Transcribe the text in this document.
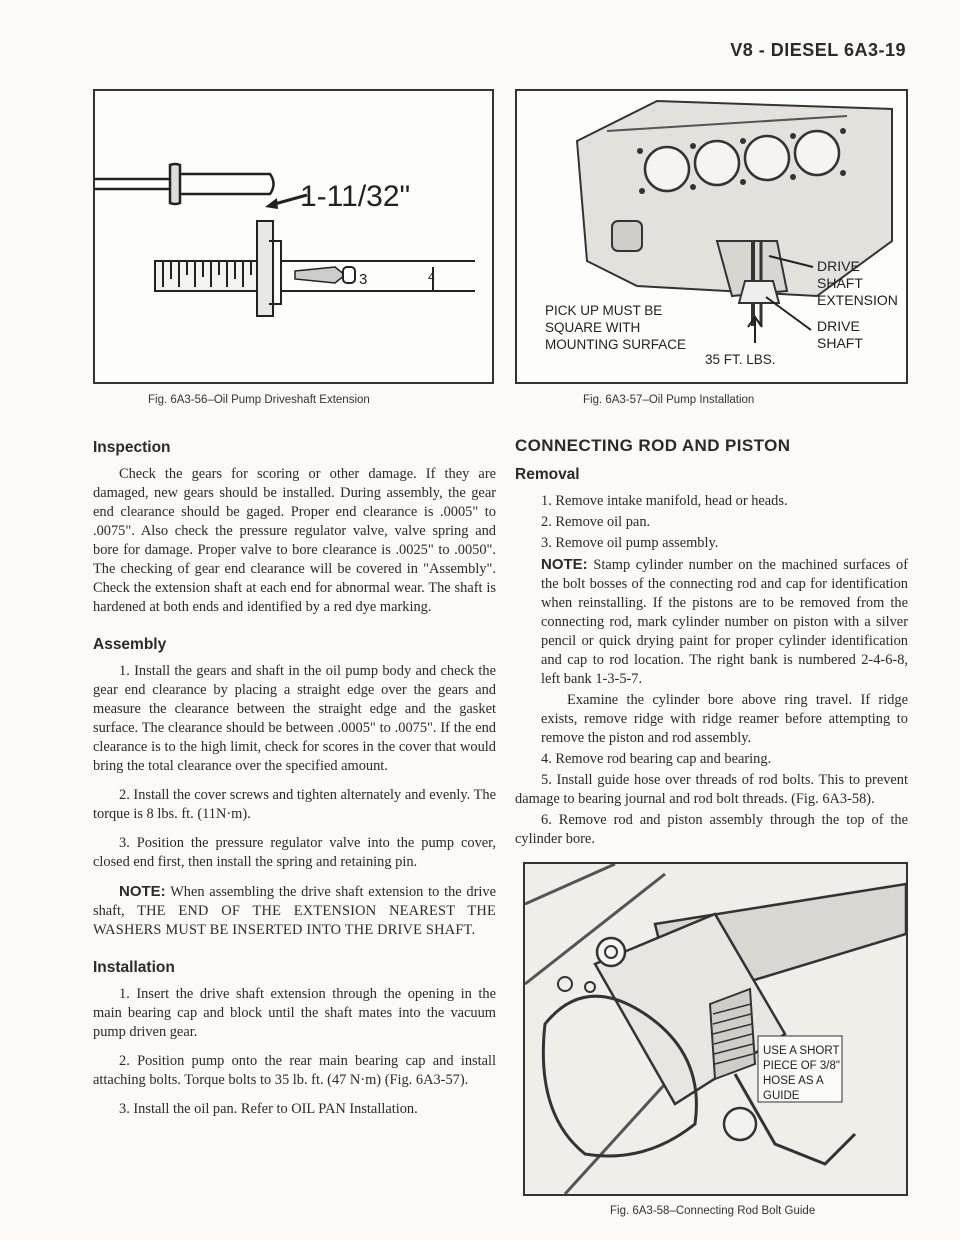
V8 - DIESEL 6A3-19
1-11/32"
3	4
Fig. 6A3-56–Oil Pump Driveshaft Extension
DRIVE
SHAFT
EXTENSION
DRIVE
SHAFT
PICK UP MUST BE
SQUARE WITH
MOUNTING SURFACE
35 FT. LBS.
Fig. 6A3-57–Oil Pump Installation
Inspection

Check the gears for scoring or other damage. If they are damaged, new gears should be installed. During assembly, the gear end clearance should be gaged. Proper end clearance is .0005" to .0075". Also check the pressure regulator valve, valve spring and bore for damage. Proper valve to bore clearance is .0025" to .0050". The checking of gear end clearance will be covered in "Assembly". Check the extension shaft at each end for abnormal wear. The shaft is hardened at both ends and identified by a red dye marking.

Assembly

1. Install the gears and shaft in the oil pump body and check the gear end clearance by placing a straight edge over the gears and measure the clearance between the straight edge and the gasket surface. The clearance should be between .0005" to .0075". If the end clearance is to the high limit, check for scores in the cover that would bring the total clearance over the specified amount.

2. Install the cover screws and tighten alternately and evenly. The torque is 8 lbs. ft. (11N·m).

3. Position the pressure regulator valve into the pump cover, closed end first, then install the spring and retaining pin.

NOTE: When assembling the drive shaft extension to the drive shaft, THE END OF THE EXTENSION NEAREST THE WASHERS MUST BE INSERTED INTO THE DRIVE SHAFT.

Installation

1. Insert the drive shaft extension through the opening in the main bearing cap and block until the shaft mates into the vacuum pump driven gear.

2. Position pump onto the rear main bearing cap and install attaching bolts. Torque bolts to 35 lb. ft. (47 N·m) (Fig. 6A3-57).

3. Install the oil pan. Refer to OIL PAN Installation.

CONNECTING ROD AND PISTON
Removal

1. Remove intake manifold, head or heads.

2. Remove oil pan.

3. Remove oil pump assembly.

NOTE: Stamp cylinder number on the machined surfaces of the bolt bosses of the connecting rod and cap for identification when reinstalling. If the pistons are to be removed from the connecting rod, mark cylinder number on piston with a silver pencil or quick drying paint for proper cylinder identification and cap to rod location. The right bank is numbered 2-4-6-8, left bank 1-3-5-7.

Examine the cylinder bore above ring travel. If ridge exists, remove ridge with ridge reamer before attempting to remove the piston and rod assembly.

4. Remove rod bearing cap and bearing.

5. Install guide hose over threads of rod bolts. This to prevent damage to bearing journal and rod bolt threads. (Fig. 6A3-58).

6. Remove rod and piston assembly through the top of the cylinder bore.

USE A SHORT
PIECE OF 3/8"
HOSE AS A
GUIDE
Fig. 6A3-58–Connecting Rod Bolt Guide
